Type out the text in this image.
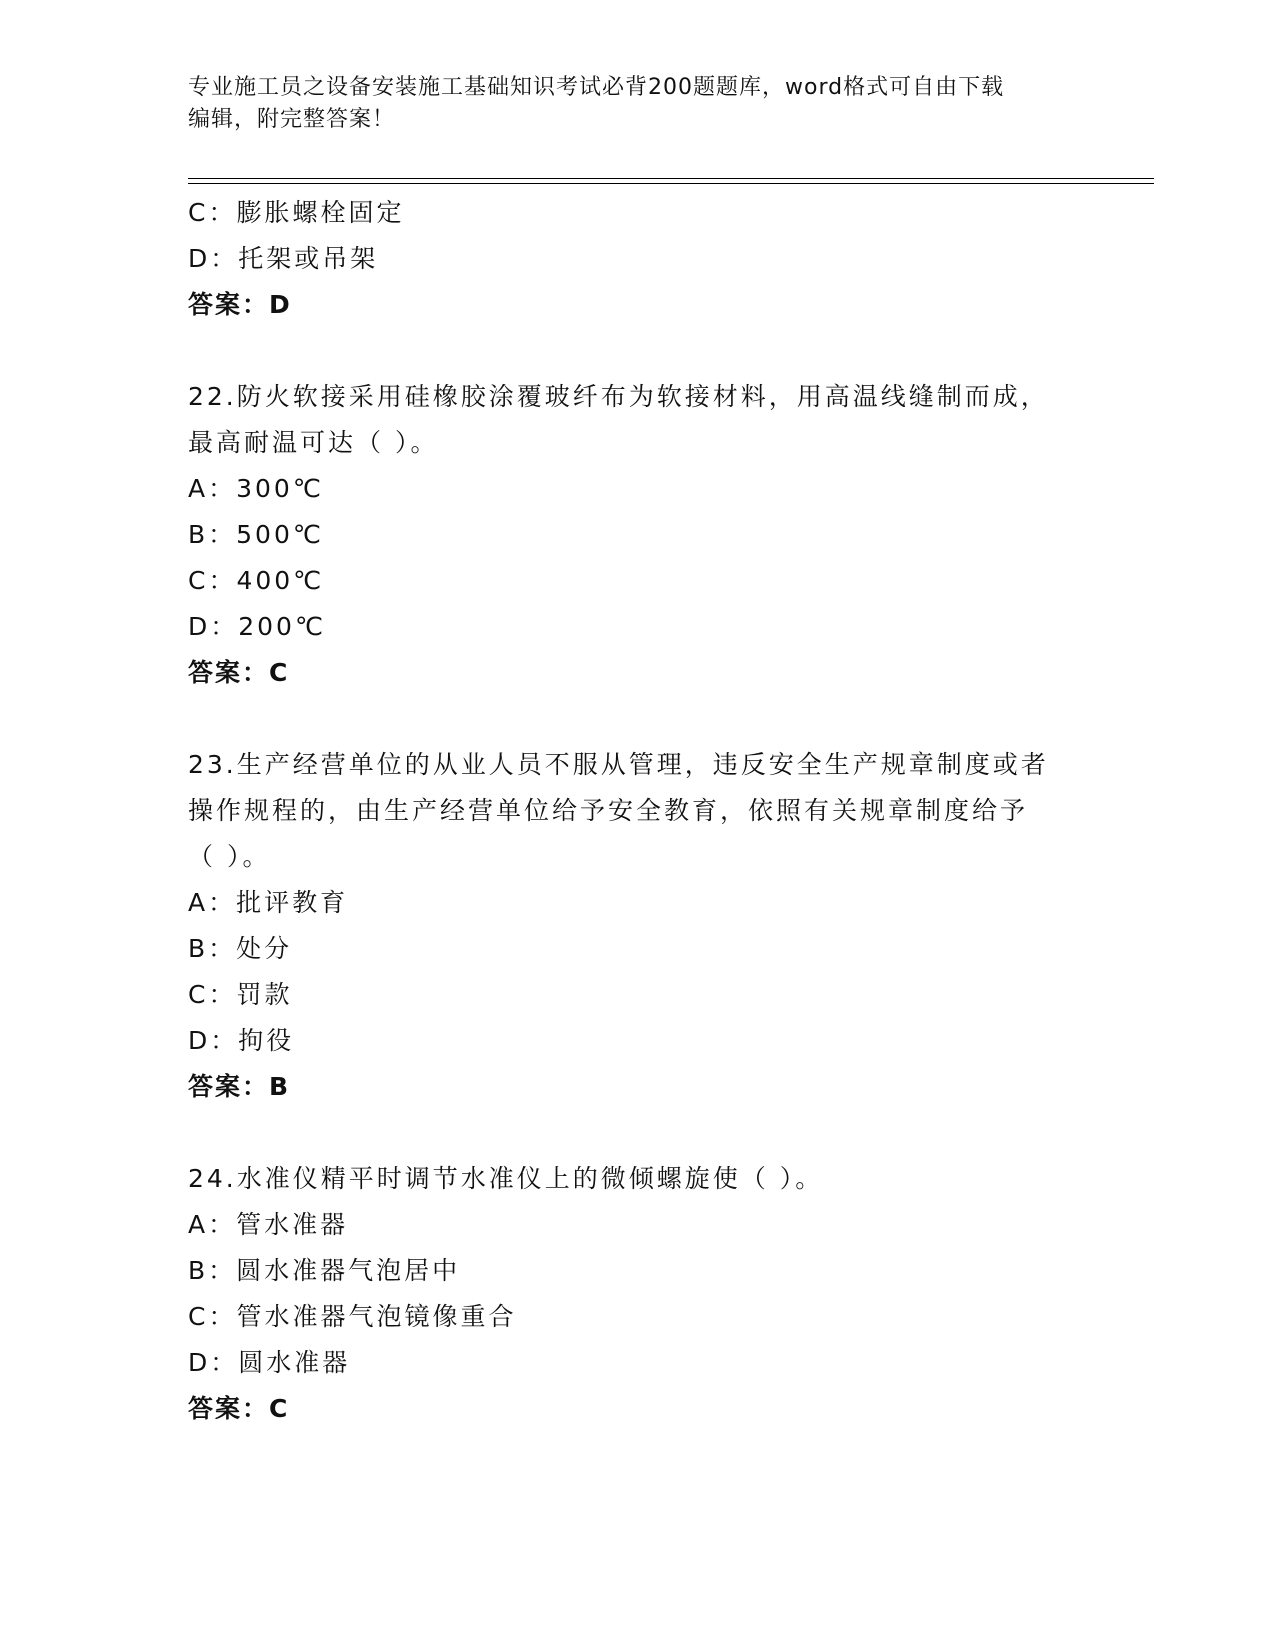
专业施工员之设备安装施工基础知识考试必背200题题库，word格式可自由下载
编辑，附完整答案！
C：膨胀螺栓固定
D：托架或吊架
答案：D
22.防火软接采用硅橡胶涂覆玻纤布为软接材料，用高温线缝制而成，
最高耐温可达（ ）。
A：300℃
B：500℃
C：400℃
D：200℃
答案：C
23.生产经营单位的从业人员不服从管理，违反安全生产规章制度或者
操作规程的，由生产经营单位给予安全教育，依照有关规章制度给予
（ ）。
A：批评教育
B：处分
C：罚款
D：拘役
答案：B
24.水准仪精平时调节水准仪上的微倾螺旋使（ ）。
A：管水准器
B：圆水准器气泡居中
C：管水准器气泡镜像重合
D：圆水准器
答案：C
